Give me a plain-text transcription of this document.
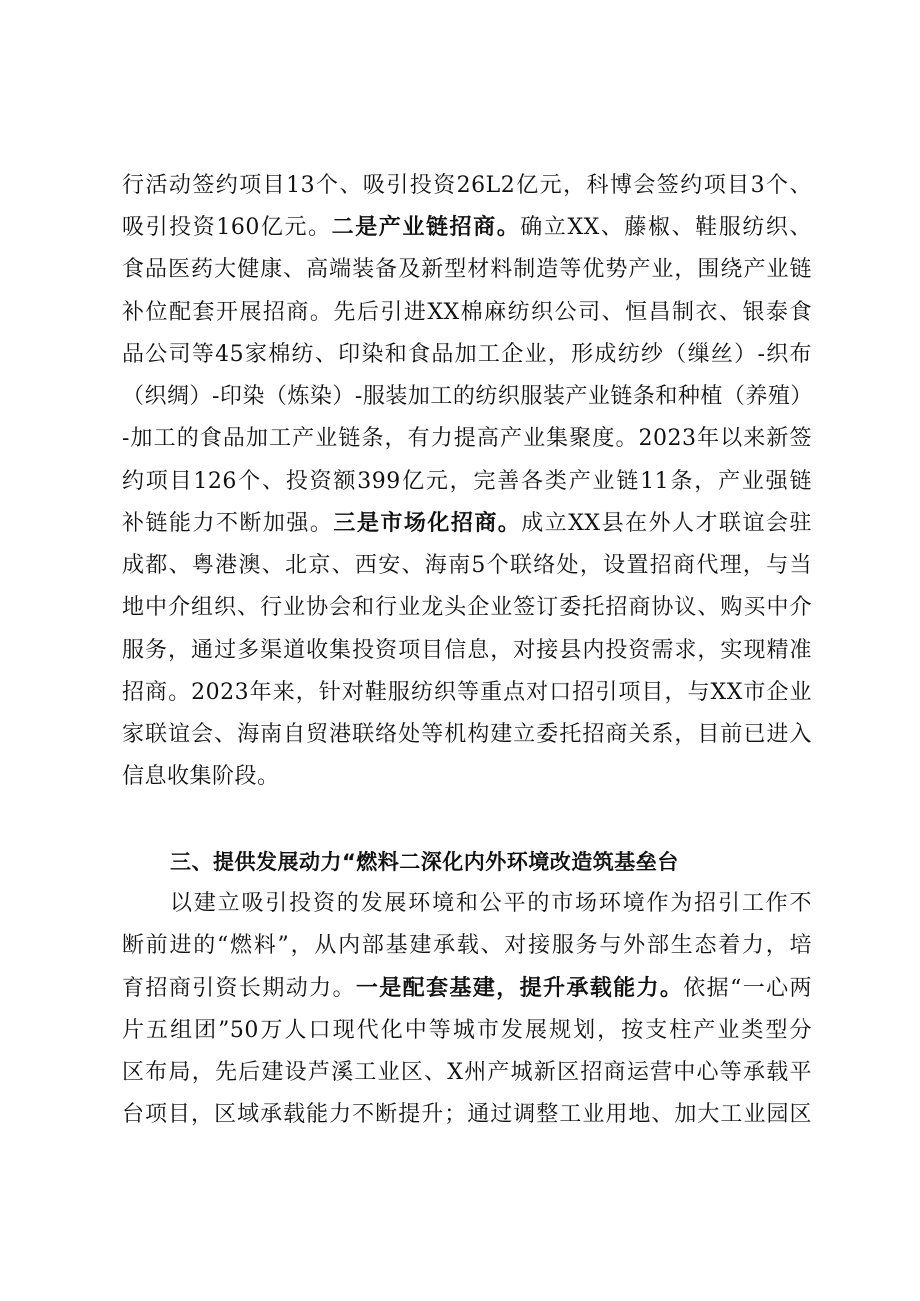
行活动签约项目13个、吸引投资26L2亿元，科博会签约项目3个、
吸引投资160亿元。二是产业链招商。确立XX、藤椒、鞋服纺织、
食品医药大健康、高端装备及新型材料制造等优势产业，围绕产业链
补位配套开展招商。先后引进XX棉麻纺织公司、恒昌制衣、银泰食
品公司等45家棉纺、印染和食品加工企业，形成纺纱（缫丝）-织布
（织绸）-印染（炼染）-服装加工的纺织服装产业链条和种植（养殖）
-加工的食品加工产业链条，有力提高产业集聚度。2023年以来新签
约项目126个、投资额399亿元，完善各类产业链11条，产业强链
补链能力不断加强。三是市场化招商。成立XX县在外人才联谊会驻
成都、粤港澳、北京、西安、海南5个联络处，设置招商代理，与当
地中介组织、行业协会和行业龙头企业签订委托招商协议、购买中介
服务，通过多渠道收集投资项目信息，对接县内投资需求，实现精准
招商。2023年来，针对鞋服纺织等重点对口招引项目，与XX市企业
家联谊会、海南自贸港联络处等机构建立委托招商关系，目前已进入
信息收集阶段。
三、提供发展动力“燃料二深化内外环境改造筑基垒台
以建立吸引投资的发展环境和公平的市场环境作为招引工作不
断前进的“燃料”，从内部基建承载、对接服务与外部生态着力，培
育招商引资长期动力。一是配套基建，提升承载能力。依据“一心两
片五组团”50万人口现代化中等城市发展规划，按支柱产业类型分
区布局，先后建设芦溪工业区、X州产城新区招商运营中心等承载平
台项目，区域承载能力不断提升；通过调整工业用地、加大工业园区
